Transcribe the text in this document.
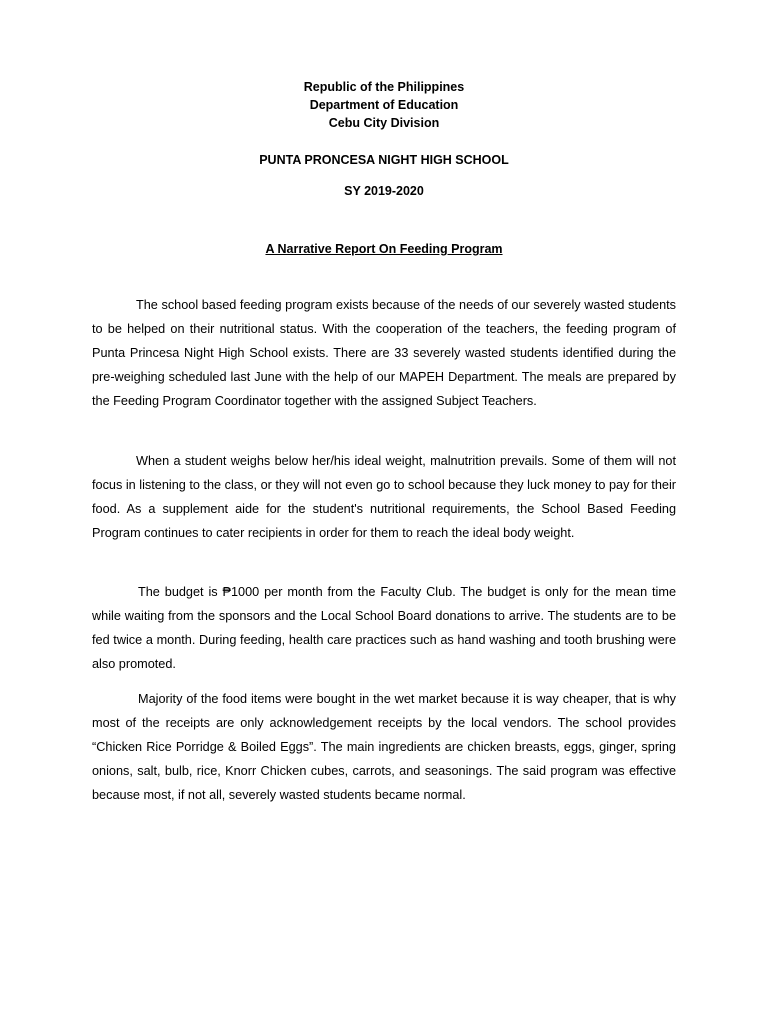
Republic of the Philippines
Department of Education
Cebu City Division
PUNTA PRONCESA NIGHT HIGH SCHOOL
SY 2019-2020
A Narrative Report On Feeding Program

The school based feeding program exists because of the needs of our severely wasted students to be helped on their nutritional status. With the cooperation of the teachers, the feeding program of Punta Princesa Night High School exists. There are 33 severely wasted students identified during the pre-weighing scheduled last June with the help of our MAPEH Department. The meals are prepared by the Feeding Program Coordinator together with the assigned Subject Teachers.

When a student weighs below her/his ideal weight, malnutrition prevails. Some of them will not focus in listening to the class, or they will not even go to school because they luck money to pay for their food. As a supplement aide for the student's nutritional requirements, the School Based Feeding Program continues to cater recipients in order for them to reach the ideal body weight.

The budget is ₱1000 per month from the Faculty Club. The budget is only for the mean time while waiting from the sponsors and the Local School Board donations to arrive. The students are to be fed twice a month. During feeding, health care practices such as hand washing and tooth brushing were also promoted.

Majority of the food items were bought in the wet market because it is way cheaper, that is why most of the receipts are only acknowledgement receipts by the local vendors. The school provides “Chicken Rice Porridge & Boiled Eggs”. The main ingredients are chicken breasts, eggs, ginger, spring onions, salt, bulb, rice, Knorr Chicken cubes, carrots, and seasonings. The said program was effective because most, if not all, severely wasted students became normal.
